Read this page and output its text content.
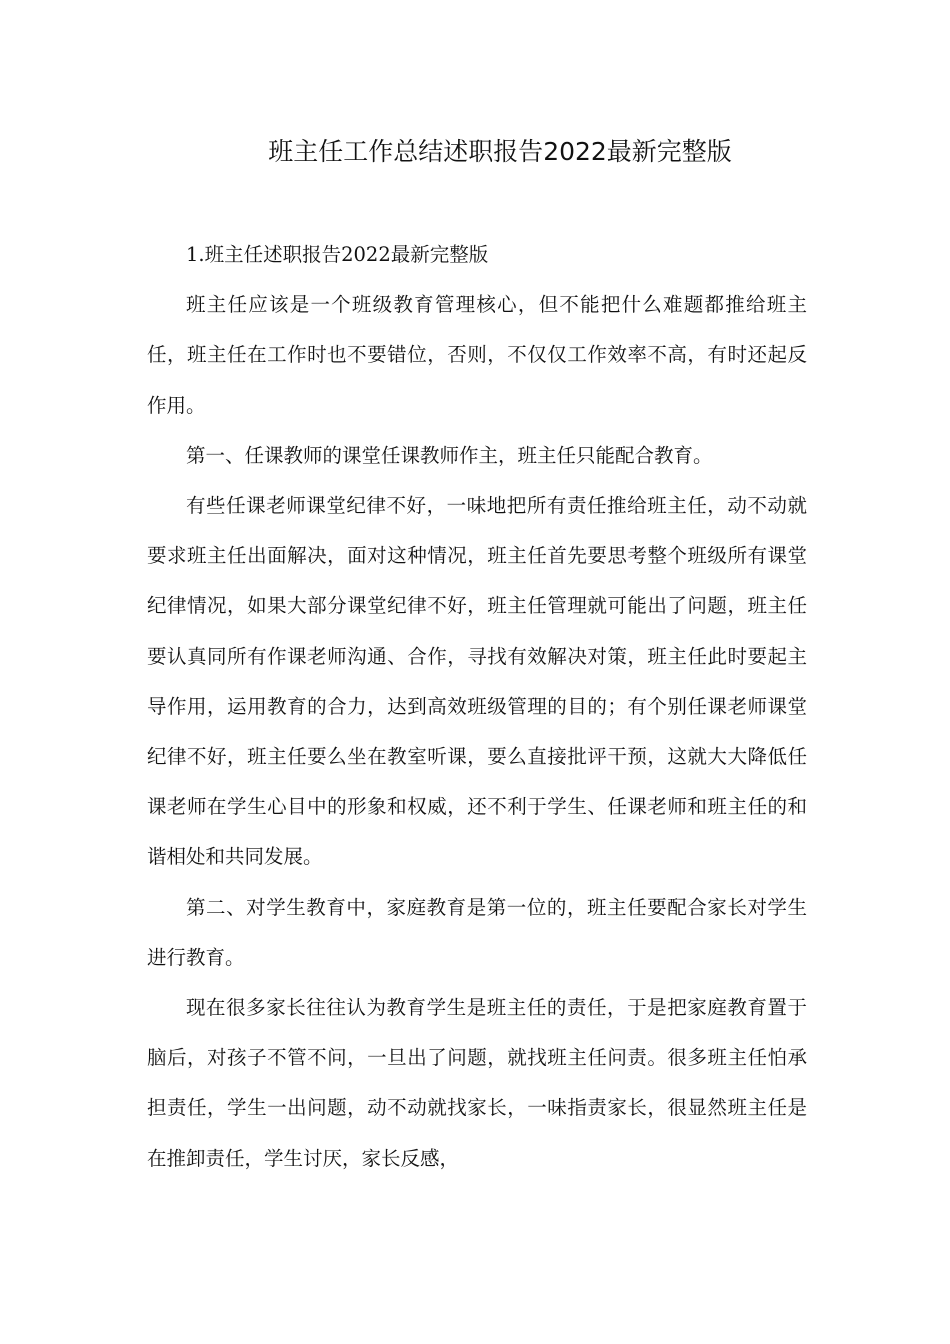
班主任工作总结述职报告2022最新完整版

1.班主任述职报告2022最新完整版

班主任应该是一个班级教育管理核心，但不能把什么难题都推给班主任，班主任在工作时也不要错位，否则，不仅仅工作效率不高，有时还起反作用。

第一、任课教师的课堂任课教师作主，班主任只能配合教育。

有些任课老师课堂纪律不好，一味地把所有责任推给班主任，动不动就要求班主任出面解决，面对这种情况，班主任首先要思考整个班级所有课堂纪律情况，如果大部分课堂纪律不好，班主任管理就可能出了问题，班主任要认真同所有作课老师沟通、合作，寻找有效解决对策，班主任此时要起主导作用，运用教育的合力，达到高效班级管理的目的；有个别任课老师课堂纪律不好，班主任要么坐在教室听课，要么直接批评干预，这就大大降低任课老师在学生心目中的形象和权威，还不利于学生、任课老师和班主任的和谐相处和共同发展。

第二、对学生教育中，家庭教育是第一位的，班主任要配合家长对学生进行教育。

现在很多家长往往认为教育学生是班主任的责任，于是把家庭教育置于脑后，对孩子不管不问，一旦出了问题，就找班主任问责。很多班主任怕承担责任，学生一出问题，动不动就找家长，一味指责家长，很显然班主任是在推卸责任，学生讨厌，家长反感，
